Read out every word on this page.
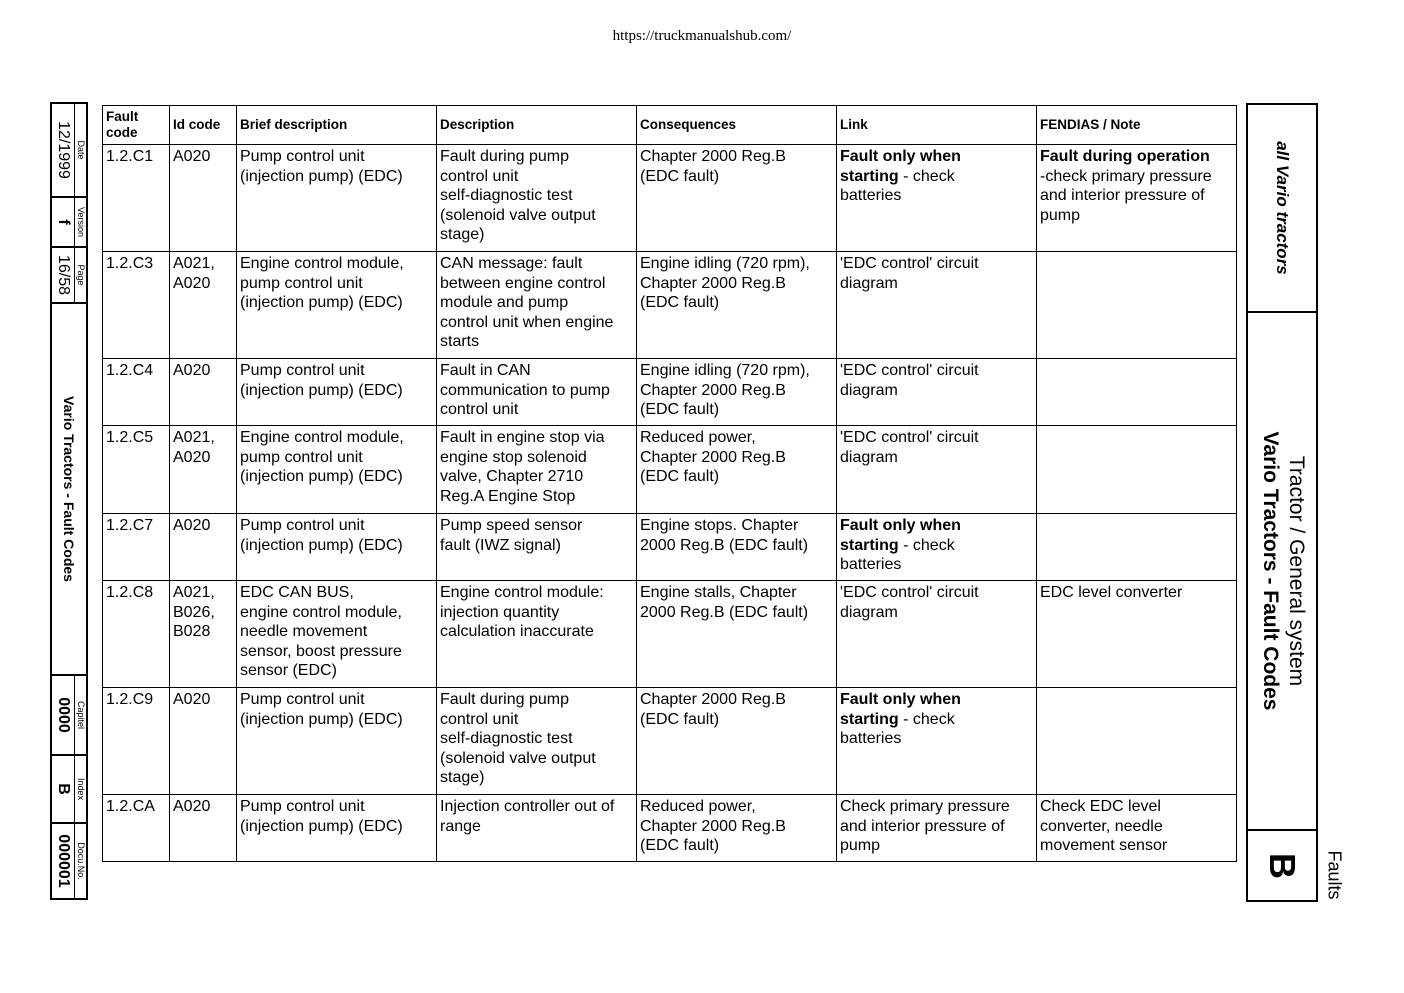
https://truckmanualshub.com/
12/1999 Date
f Version
16/58 Page
Vario Tractors - Fault Codes
0000 Capitel
B Index
000001 Docu.No.
Fault code	Id code	Brief description	Description	Consequences	Link	FENDIAS / Note
1.2.C1	A020	Pump control unit
(injection pump) (EDC)	Fault during pump
control unit
self-diagnostic test
(solenoid valve output
stage)	Chapter 2000 Reg.B
(EDC fault)	Fault only when
starting - check
batteries	Fault during operation
-check primary pressure
and interior pressure of
pump
1.2.C3	A021,
A020	Engine control module,
pump control unit
(injection pump) (EDC)	CAN message: fault
between engine control
module and pump
control unit when engine
starts	Engine idling (720 rpm),
Chapter 2000 Reg.B
(EDC fault)	'EDC control' circuit
diagram	
1.2.C4	A020	Pump control unit
(injection pump) (EDC)	Fault in CAN
communication to pump
control unit	Engine idling (720 rpm),
Chapter 2000 Reg.B
(EDC fault)	'EDC control' circuit
diagram	
1.2.C5	A021,
A020	Engine control module,
pump control unit
(injection pump) (EDC)	Fault in engine stop via
engine stop solenoid
valve, Chapter 2710
Reg.A Engine Stop	Reduced power,
Chapter 2000 Reg.B
(EDC fault)	'EDC control' circuit
diagram	
1.2.C7	A020	Pump control unit
(injection pump) (EDC)	Pump speed sensor
fault (IWZ signal)	Engine stops. Chapter
2000 Reg.B (EDC fault)	Fault only when
starting - check
batteries	
1.2.C8	A021,
B026,
B028	EDC CAN BUS,
engine control module,
needle movement
sensor, boost pressure
sensor (EDC)	Engine control module:
injection quantity
calculation inaccurate	Engine stalls, Chapter
2000 Reg.B (EDC fault)	'EDC control' circuit
diagram	EDC level converter
1.2.C9	A020	Pump control unit
(injection pump) (EDC)	Fault during pump
control unit
self-diagnostic test
(solenoid valve output
stage)	Chapter 2000 Reg.B
(EDC fault)	Fault only when
starting - check
batteries	
1.2.CA	A020	Pump control unit
(injection pump) (EDC)	Injection controller out of
range	Reduced power,
Chapter 2000 Reg.B
(EDC fault)	Check primary pressure
and interior pressure of
pump	Check EDC level
converter, needle
movement sensor
all Vario tractors
Tractor / General system
Vario Tractors - Fault Codes
B Faults
